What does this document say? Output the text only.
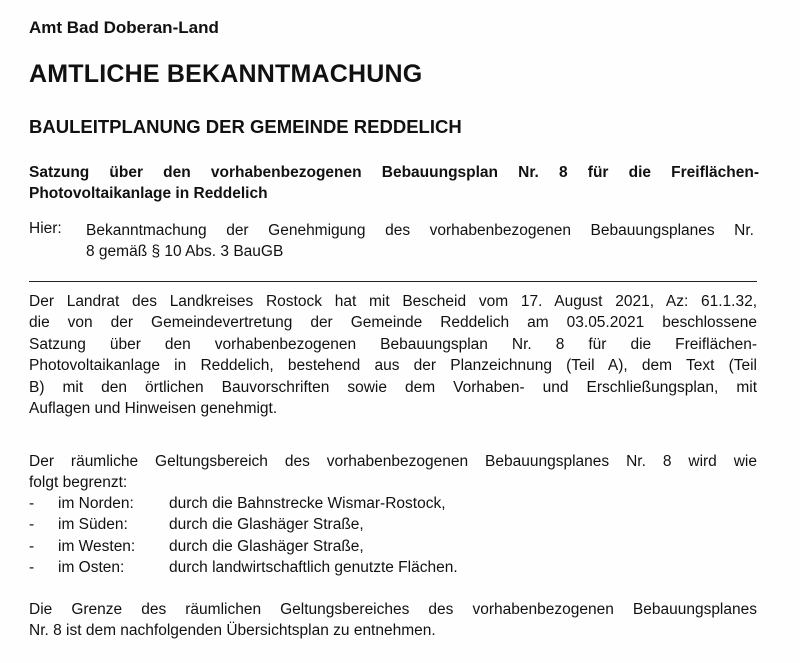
Amt Bad Doberan-Land

AMTLICHE BEKANNTMACHUNG

BAULEITPLANUNG DER GEMEINDE REDDELICH

Satzung über den vorhabenbezogenen Bebauungsplan Nr. 8 für die Freiflächen-
Photovoltaikanlage in Reddelich

Hier: Bekanntmachung der Genehmigung des vorhabenbezogenen Bebauungsplanes Nr.
8 gemäß § 10 Abs. 3 BauGB

Der Landrat des Landkreises Rostock hat mit Bescheid vom 17. August 2021, Az: 61.1.32,
die von der Gemeindevertretung der Gemeinde Reddelich am 03.05.2021 beschlossene
Satzung über den vorhabenbezogenen Bebauungsplan Nr. 8 für die Freiflächen-
Photovoltaikanlage in Reddelich, bestehend aus der Planzeichnung (Teil A), dem Text (Teil
B) mit den örtlichen Bauvorschriften sowie dem Vorhaben- und Erschließungsplan, mit
Auflagen und Hinweisen genehmigt.

Der räumliche Geltungsbereich des vorhabenbezogenen Bebauungsplanes Nr. 8 wird wie
folgt begrenzt:

- im Norden: durch die Bahnstrecke Wismar-Rostock,
- im Süden:	durch die Glashäger Straße,
- im Westen: durch die Glashäger Straße,
- im Osten:	durch landwirtschaftlich genutzte Flächen.

Die Grenze des räumlichen Geltungsbereiches des vorhabenbezogenen Bebauungsplanes
Nr. 8 ist dem nachfolgenden Übersichtsplan zu entnehmen.
